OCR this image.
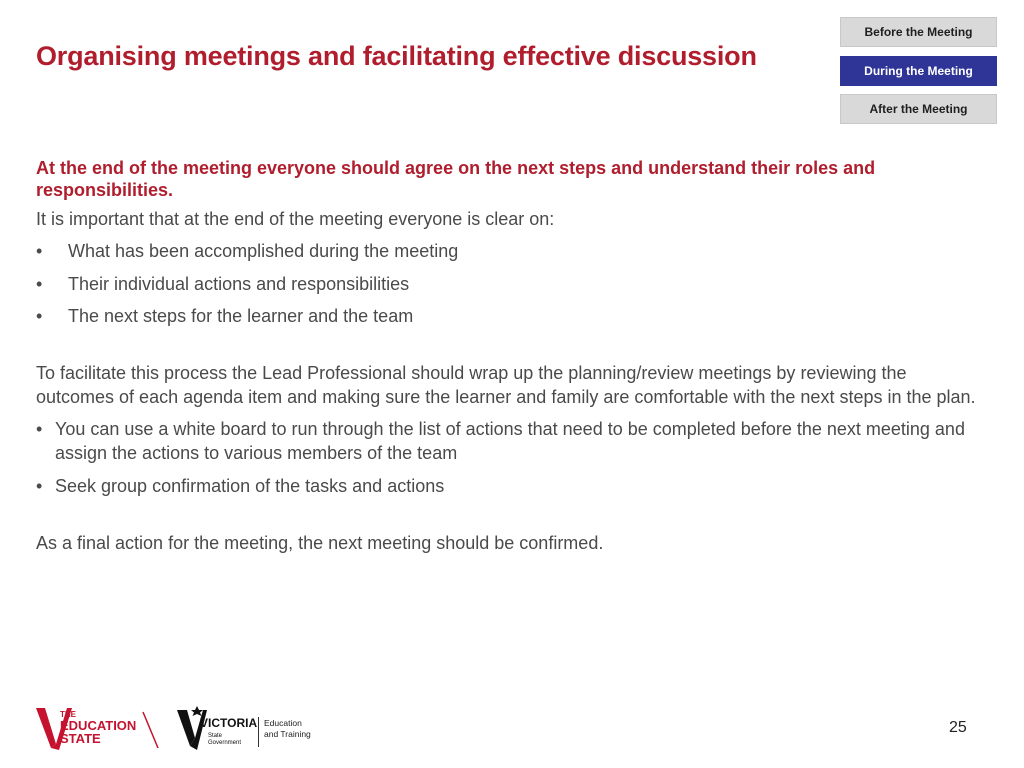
Organising meetings and facilitating effective discussion
Before the Meeting
During the Meeting
After the Meeting
At the end of the meeting everyone should agree on the next steps and understand their roles and responsibilities.
It is important that at the end of the meeting everyone is clear on:
• What has been accomplished during the meeting
• Their individual actions and responsibilities
• The next steps for the learner and the team
To facilitate this process the Lead Professional should wrap up the planning/review meetings by reviewing the outcomes of each agenda item and making sure the learner and family are comfortable with the next steps in the plan.
• You can use a white board to run through the list of actions that need to be completed before the next meeting and assign the actions to various members of the team
• Seek group confirmation of the tasks and actions
As a final action for the meeting, the next meeting should be confirmed.
THE
EDUCATION
STATE
VICTORIA
State
Government
Education
and Training	25
